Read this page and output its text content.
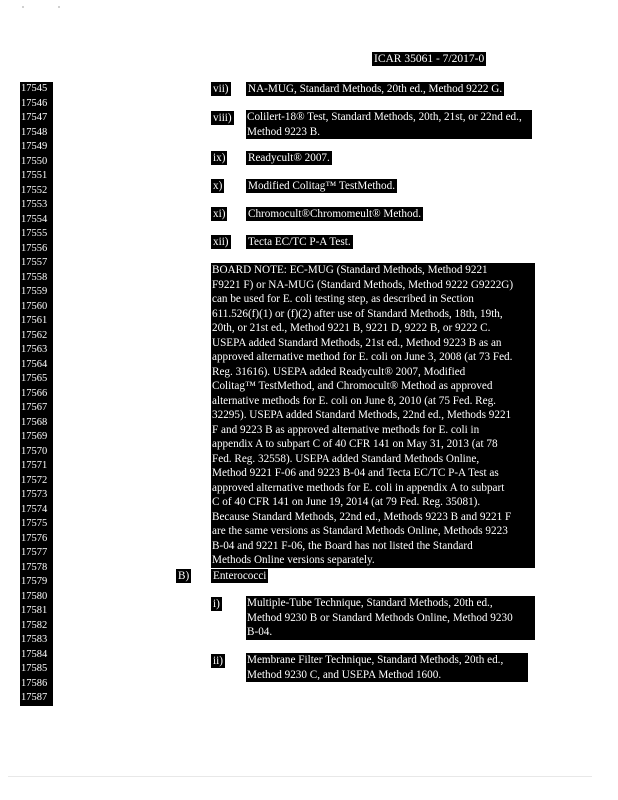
ICAR 35061 - 7/2017-0
17545
17546
17547
17548
17549
17550
17551
17552
17553
17554
17555
17556
17557
17558
17559
17560
17561
17562
17563
17564
17565
17566
17567
17568
17569
17570
17571
17572
17573
17574
17575
17576
17577
17578
17579
17580
17581
17582
17583
17584
17585
17586
17587
vii) NA-MUG, Standard Methods, 20th ed., Method 9222 G.
viii) Colilert-18® Test, Standard Methods, 20th, 21st, or 22nd ed.,

Method 9223 B.

ix) Readycult® 2007.
x) Modified Colitag™ TestMethod.
xi) Chromocult®Chromomeult® Method.
xii) Tecta EC/TC P-A Test.

BOARD NOTE: EC-MUG (Standard Methods, Method 9221

F9221 F) or NA-MUG (Standard Methods, Method 9222 G9222G)

can be used for E. coli testing step, as described in Section

611.526(f)(1) or (f)(2) after use of Standard Methods, 18th, 19th,

20th, or 21st ed., Method 9221 B, 9221 D, 9222 B, or 9222 C.

USEPA added Standard Methods, 21st ed., Method 9223 B as an

approved alternative method for E. coli on June 3, 2008 (at 73 Fed.

Reg. 31616). USEPA added Readycult® 2007, Modified

Colitag™ TestMethod, and Chromocult® Method as approved

alternative methods for E. coli on June 8, 2010 (at 75 Fed. Reg.

32295). USEPA added Standard Methods, 22nd ed., Methods 9221

F and 9223 B as approved alternative methods for E. coli in

appendix A to subpart C of 40 CFR 141 on May 31, 2013 (at 78

Fed. Reg. 32558). USEPA added Standard Methods Online,

Method 9221 F-06 and 9223 B-04 and Tecta EC/TC P-A Test as

approved alternative methods for E. coli in appendix A to subpart

C of 40 CFR 141 on June 19, 2014 (at 79 Fed. Reg. 35081).

Because Standard Methods, 22nd ed., Methods 9223 B and 9221 F

are the same versions as Standard Methods Online, Methods 9223

B-04 and 9221 F-06, the Board has not listed the Standard

Methods Online versions separately.

B) Enterococci
i) Multiple-Tube Technique, Standard Methods, 20th ed.,

Method 9230 B or Standard Methods Online, Method 9230

B-04.

ii) Membrane Filter Technique, Standard Methods, 20th ed.,

Method 9230 C, and USEPA Method 1600.
